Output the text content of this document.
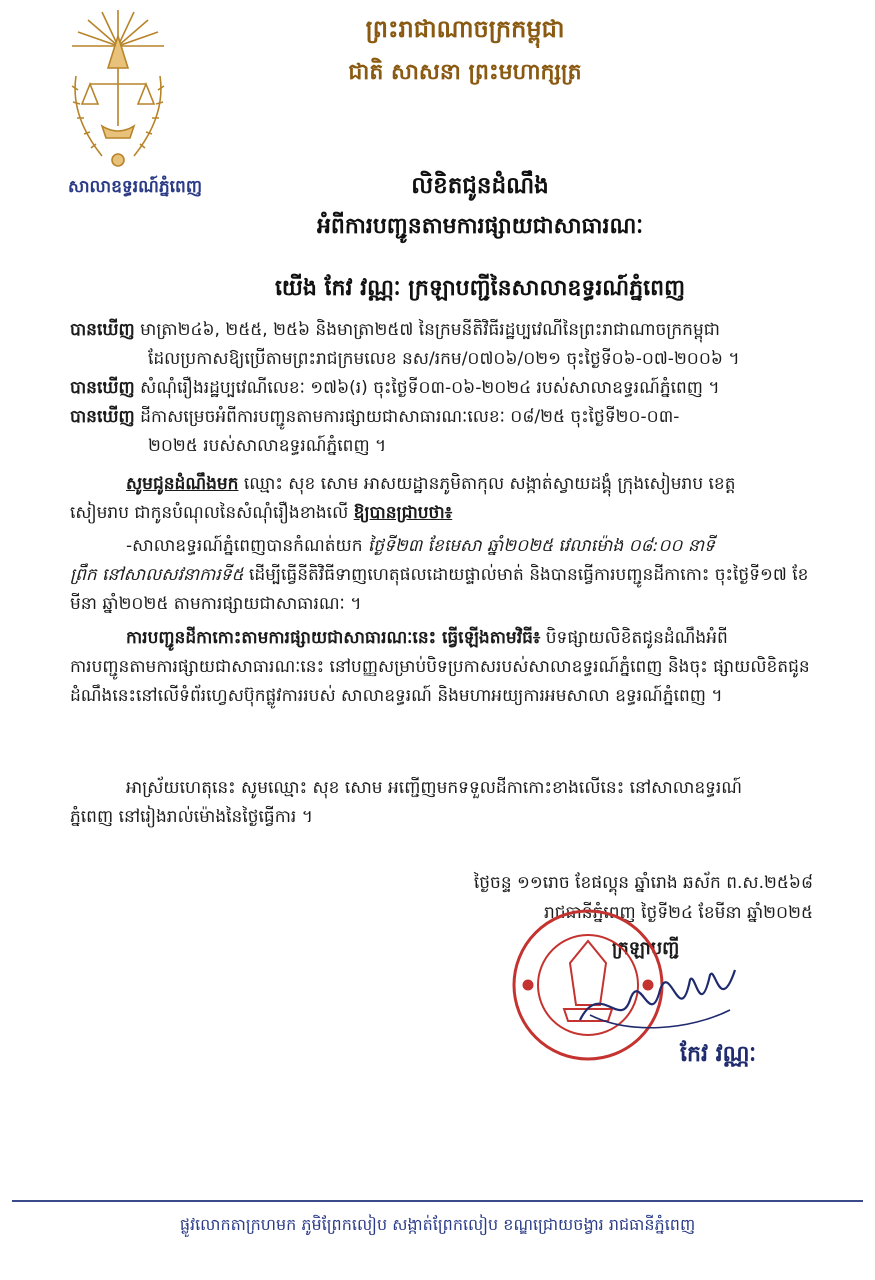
សាលាឧទ្ធរណ៍ភ្នំពេញ
ព្រះរាជាណាចក្រកម្ពុជា
ជាតិ សាសនា ព្រះមហាក្សត្រ
លិខិតជូនដំណឹង
អំពីការបញ្ជូនតាមការផ្សាយជាសាធារណៈ
យើង កែវ វណ្ណៈ ក្រឡាបញ្ជីនៃសាលាឧទ្ធរណ៍ភ្នំពេញ
បានឃើញ មាត្រា២៤៦, ២៥៥, ២៥៦ និងមាត្រា២៥៧ នៃក្រមនីតិវិធីរដ្ឋប្បវេណីនៃព្រះរាជាណាចក្រកម្ពុជា
ដែលប្រកាសឱ្យប្រើតាមព្រះរាជក្រមលេខ នស/រកម/០៧០៦/០២១ ចុះថ្ងៃទី០៦-០៧-២០០៦ ។
បានឃើញ សំណុំរឿងរដ្ឋប្បវេណីលេខៈ ១៧៦(រ) ចុះថ្ងៃទី០៣-០៦-២០២៤ របស់សាលាឧទ្ធរណ៍ភ្នំពេញ ។
បានឃើញ ដីកាសម្រេចអំពីការបញ្ជូនតាមការផ្សាយជាសាធារណៈលេខៈ ០៨/២៥ ចុះថ្ងៃទី២០-០៣-
២០២៥ របស់សាលាឧទ្ធរណ៍ភ្នំពេញ ។
សូមជូនដំណឹងមក ឈ្មោះ សុខ សោម អាសយដ្ឋានភូមិតាកុល សង្កាត់ស្វាយដង្គុំ ក្រុងសៀមរាប ខេត្ត
សៀមរាប ជាកូនបំណុលនៃសំណុំរឿងខាងលើ ឱ្យបានជ្រាបថា៖
-សាលាឧទ្ធរណ៍ភ្នំពេញបានកំណត់យក ថ្ងៃទី២៣ ខែមេសា ឆ្នាំ២០២៥ វេលាម៉ោង ០៨:០០ នាទី
ព្រឹក នៅសាលសវនាការទី៥ ដើម្បីធ្វើនីតិវិធីទាញហេតុផលដោយផ្ទាល់មាត់ និងបានធ្វើការបញ្ជូនដីកាកោះ ចុះថ្ងៃទី១៧ ខែមីនា ឆ្នាំ២០២៥ តាមការផ្សាយជាសាធារណៈ ។
ការបញ្ជូនដីកាកោះតាមការផ្សាយជាសាធារណៈនេះ ធ្វើឡើងតាមវិធី៖ បិទផ្សាយលិខិតជូនដំណឹងអំពី
ការបញ្ជូនតាមការផ្សាយជាសាធារណៈនេះ នៅបញ្ញសម្រាប់បិទប្រកាសរបស់សាលាឧទ្ធរណ៍ភ្នំពេញ និងចុះ ផ្សាយលិខិតជូនដំណឹងនេះនៅលើទំព័រហ្វេសប៊ុកផ្លូវការរបស់ សាលាឧទ្ធរណ៍ និងមហាអយ្យការអមសាលា ឧទ្ធរណ៍ភ្នំពេញ ។
អាស្រ័យហេតុនេះ សូមឈ្មោះ សុខ សោម អញ្ជើញមកទទួលដីកាកោះខាងលើនេះ នៅសាលាឧទ្ធរណ៍
ភ្នំពេញ នៅរៀងរាល់ម៉ោងនៃថ្ងៃធ្វើការ ។
ថ្ងៃចន្ទ ១១រោច ខែផល្គុន ឆ្នាំរោង ឆស័ក ព.ស.២៥៦៨
រាជធានីភ្នំពេញ ថ្ងៃទី២៤ ខែមីនា ឆ្នាំ២០២៥
ក្រឡាបញ្ជី
កែវ វណ្ណៈ
ផ្លូវលោកតាក្រហមក ភូមិព្រែកលៀប សង្កាត់ព្រែកលៀប ខណ្ឌជ្រោយចង្វារ រាជធានីភ្នំពេញ
